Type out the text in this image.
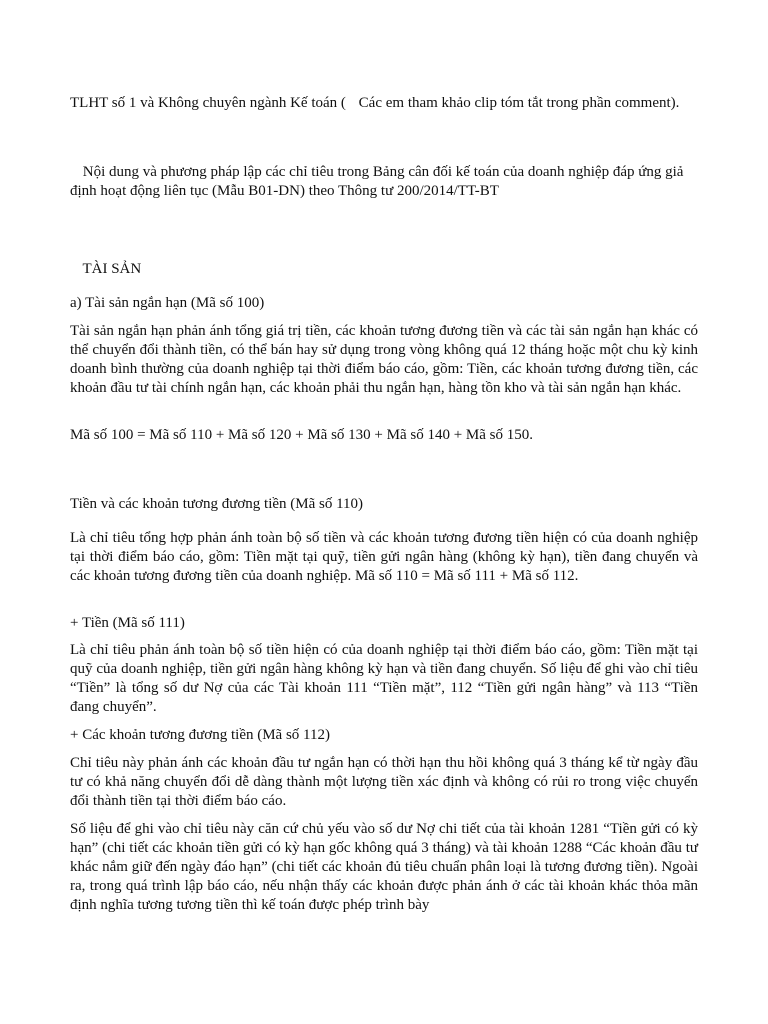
TLHT số 1 và Không chuyên ngành Kế toán ( Các em tham khảo clip tóm tắt trong phần comment).

Nội dung và phương pháp lập các chỉ tiêu trong Bảng cân đối kế toán của doanh nghiệp đáp ứng giả định hoạt động liên tục (Mẫu B01-DN) theo Thông tư 200/2014/TT-BT

TÀI SẢN

a) Tài sản ngắn hạn (Mã số 100)

Tài sản ngắn hạn phản ánh tổng giá trị tiền, các khoản tương đương tiền và các tài sản ngắn hạn khác có thể chuyển đổi thành tiền, có thể bán hay sử dụng trong vòng không quá 12 tháng hoặc một chu kỳ kinh doanh bình thường của doanh nghiệp tại thời điểm báo cáo, gồm: Tiền, các khoản tương đương tiền, các khoản đầu tư tài chính ngắn hạn, các khoản phải thu ngắn hạn, hàng tồn kho và tài sản ngắn hạn khác.

Mã số 100 = Mã số 110 + Mã số 120 + Mã số 130 + Mã số 140 + Mã số 150.

Tiền và các khoản tương đương tiền (Mã số 110)

Là chỉ tiêu tổng hợp phản ánh toàn bộ số tiền và các khoản tương đương tiền hiện có của doanh nghiệp tại thời điểm báo cáo, gồm: Tiền mặt tại quỹ, tiền gửi ngân hàng (không kỳ hạn), tiền đang chuyển và các khoản tương đương tiền của doanh nghiệp. Mã số 110 = Mã số 111 + Mã số 112.

+ Tiền (Mã số 111)

Là chỉ tiêu phản ánh toàn bộ số tiền hiện có của doanh nghiệp tại thời điểm báo cáo, gồm: Tiền mặt tại quỹ của doanh nghiệp, tiền gửi ngân hàng không kỳ hạn và tiền đang chuyển. Số liệu để ghi vào chỉ tiêu “Tiền” là tổng số dư Nợ của các Tài khoản 111 “Tiền mặt”, 112 “Tiền gửi ngân hàng” và 113 “Tiền đang chuyển”.

+ Các khoản tương đương tiền (Mã số 112)

Chỉ tiêu này phản ánh các khoản đầu tư ngắn hạn có thời hạn thu hồi không quá 3 tháng kể từ ngày đầu tư có khả năng chuyển đổi dễ dàng thành một lượng tiền xác định và không có rủi ro trong việc chuyển đổi thành tiền tại thời điểm báo cáo.

Số liệu để ghi vào chỉ tiêu này căn cứ chủ yếu vào số dư Nợ chi tiết của tài khoản 1281 “Tiền gửi có kỳ hạn” (chi tiết các khoản tiền gửi có kỳ hạn gốc không quá 3 tháng) và tài khoản 1288 “Các khoản đầu tư khác nắm giữ đến ngày đáo hạn” (chi tiết các khoản đủ tiêu chuẩn phân loại là tương đương tiền). Ngoài ra, trong quá trình lập báo cáo, nếu nhận thấy các khoản được phản ánh ở các tài khoản khác thỏa mãn định nghĩa tương tương tiền thì kế toán được phép trình bày
